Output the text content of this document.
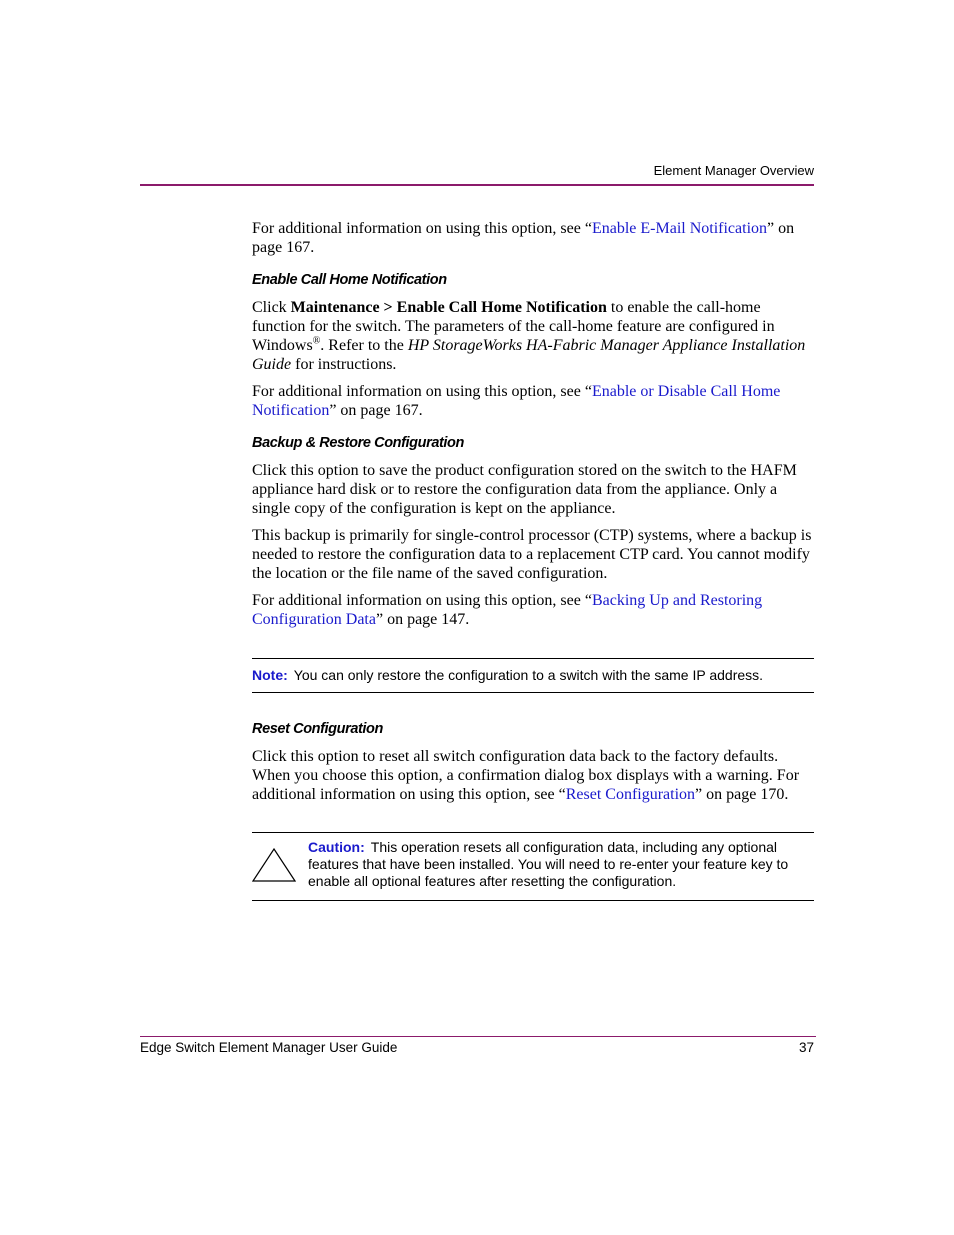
Element Manager Overview

For additional information on using this option, see “Enable E-Mail Notification” on page 167.

Enable Call Home Notification

Click Maintenance > Enable Call Home Notification to enable the call-home function for the switch. The parameters of the call-home feature are configured in Windows®. Refer to the HP StorageWorks HA-Fabric Manager Appliance Installation Guide for instructions.

For additional information on using this option, see “Enable or Disable Call Home Notification” on page 167.

Backup & Restore Configuration

Click this option to save the product configuration stored on the switch to the HAFM appliance hard disk or to restore the configuration data from the appliance. Only a single copy of the configuration is kept on the appliance.

This backup is primarily for single-control processor (CTP) systems, where a backup is needed to restore the configuration data to a replacement CTP card. You cannot modify the location or the file name of the saved configuration.

For additional information on using this option, see “Backing Up and Restoring Configuration Data” on page 147.

Note: You can only restore the configuration to a switch with the same IP address.
Reset Configuration

Click this option to reset all switch configuration data back to the factory defaults. When you choose this option, a confirmation dialog box displays with a warning. For additional information on using this option, see “Reset Configuration” on page 170.

Caution: This operation resets all configuration data, including any optional features that have been installed. You will need to re-enter your feature key to enable all optional features after resetting the configuration.
Edge Switch Element Manager User Guide	37
